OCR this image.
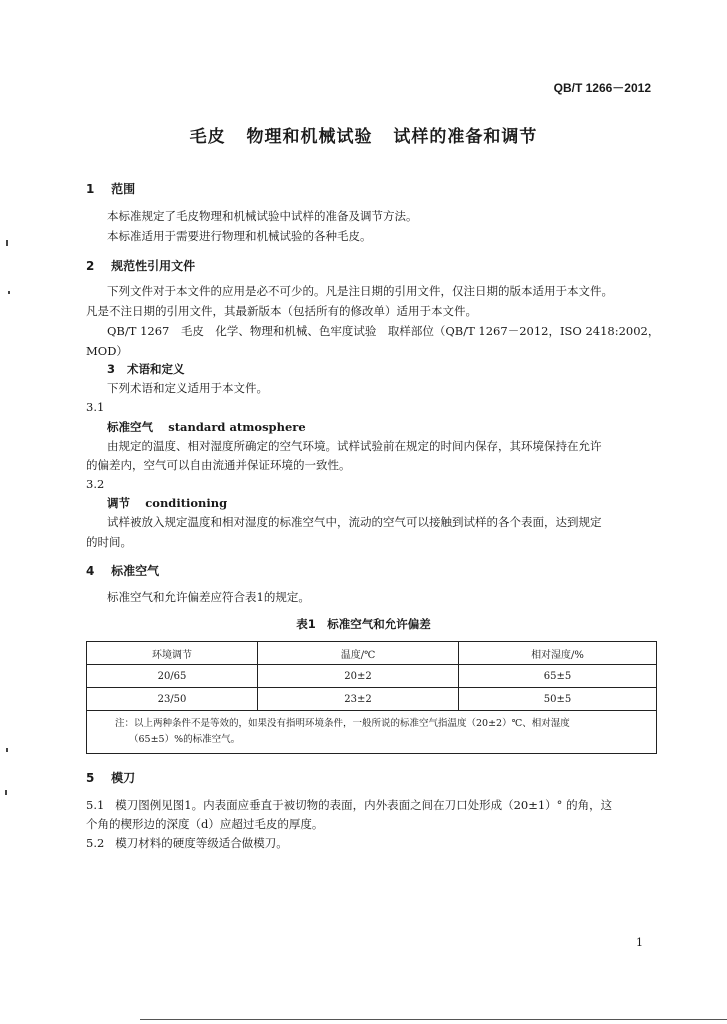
QB/T 1266－2012
毛皮 物理和机械试验 试样的准备和调节
1 范围
本标准规定了毛皮物理和机械试验中试样的准备及调节方法。
本标准适用于需要进行物理和机械试验的各种毛皮。
2 规范性引用文件
下列文件对于本文件的应用是必不可少的。凡是注日期的引用文件，仅注日期的版本适用于本文件。
凡是不注日期的引用文件，其最新版本（包括所有的修改单）适用于本文件。
QB/T 1267　毛皮　化学、物理和机械、色牢度试验　取样部位（QB/T 1267－2012，ISO 2418:2002，
MOD）
3 术语和定义
下列术语和定义适用于本文件。
3.1
标准空气 standard atmosphere
由规定的温度、相对湿度所确定的空气环境。试样试验前在规定的时间内保存，其环境保持在允许
的偏差内，空气可以自由流通并保证环境的一致性。
3.2
调节 conditioning
试样被放入规定温度和相对湿度的标准空气中，流动的空气可以接触到试样的各个表面，达到规定
的时间。
4 标准空气
标准空气和允许偏差应符合表1的规定。
表1　标准空气和允许偏差
环境调节	温度/℃	相对湿度/%
20/65	20±2	65±5
23/50	23±2	50±5

注：以上两种条件不是等效的，如果没有指明环境条件，一般所说的标准空气指温度（20±2）℃、相对湿度
（65±5）%的标准空气。		
5 模刀
5.1 模刀图例见图1。内表面应垂直于被切物的表面，内外表面之间在刀口处形成（20±1）° 的角，这
个角的楔形边的深度（d）应超过毛皮的厚度。
5.2 模刀材料的硬度等级适合做模刀。
1
